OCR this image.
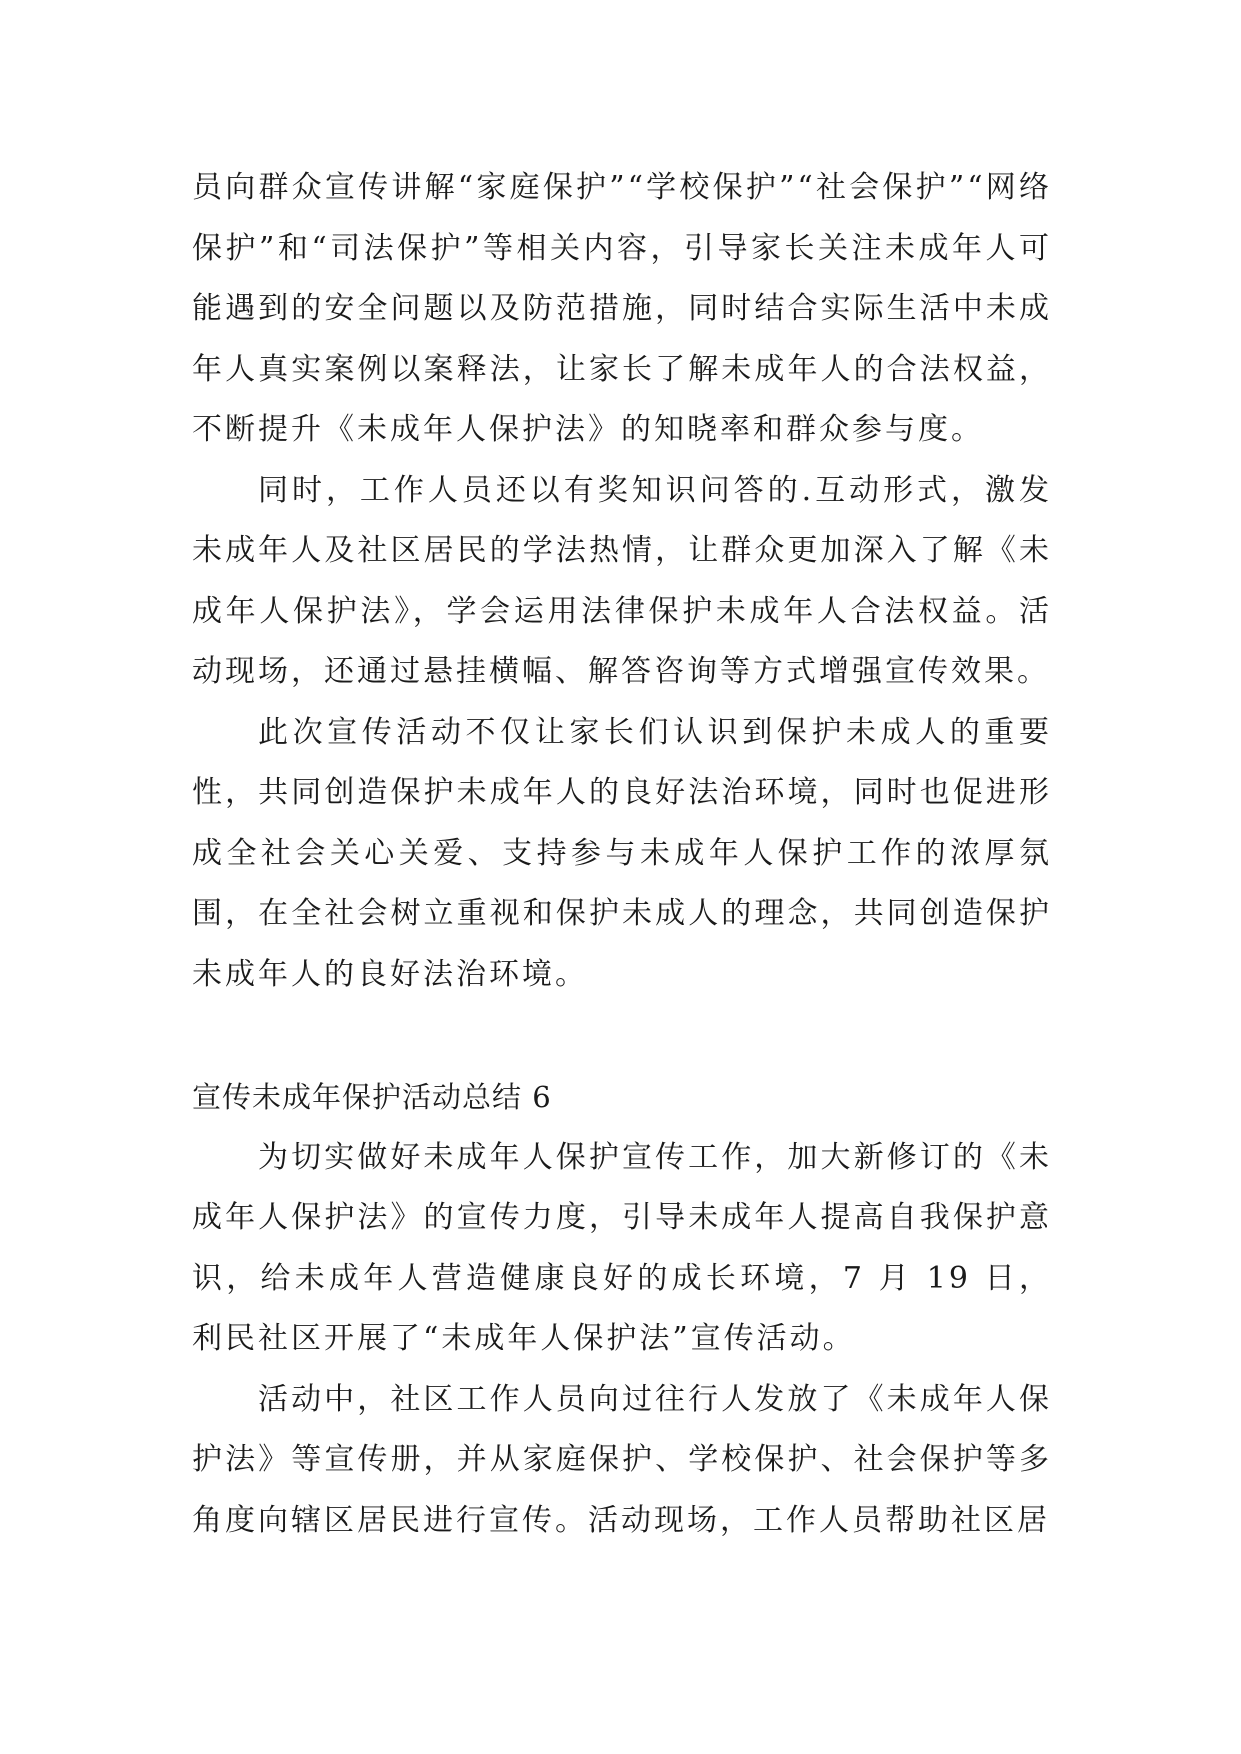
员向群众宣传讲解“家庭保护”“学校保护”“社会保护”“网络保护”和“司法保护”等相关内容，引导家长关注未成年人可能遇到的安全问题以及防范措施，同时结合实际生活中未成年人真实案例以案释法，让家长了解未成年人的合法权益，不断提升《未成年人保护法》的知晓率和群众参与度。

同时，工作人员还以有奖知识问答的.互动形式，激发未成年人及社区居民的学法热情，让群众更加深入了解《未成年人保护法》，学会运用法律保护未成年人合法权益。活动现场，还通过悬挂横幅、解答咨询等方式增强宣传效果。

此次宣传活动不仅让家长们认识到保护未成人的重要性，共同创造保护未成年人的良好法治环境，同时也促进形成全社会关心关爱、支持参与未成年人保护工作的浓厚氛围，在全社会树立重视和保护未成人的理念，共同创造保护未成年人的良好法治环境。

宣传未成年保护活动总结 6

为切实做好未成年人保护宣传工作，加大新修订的《未成年人保护法》的宣传力度，引导未成年人提高自我保护意识，给未成年人营造健康良好的成长环境，7 月 19 日，利民社区开展了“未成年人保护法”宣传活动。

活动中，社区工作人员向过往行人发放了《未成年人保护法》等宣传册，并从家庭保护、学校保护、社会保护等多角度向辖区居民进行宣传。活动现场，工作人员帮助社区居
